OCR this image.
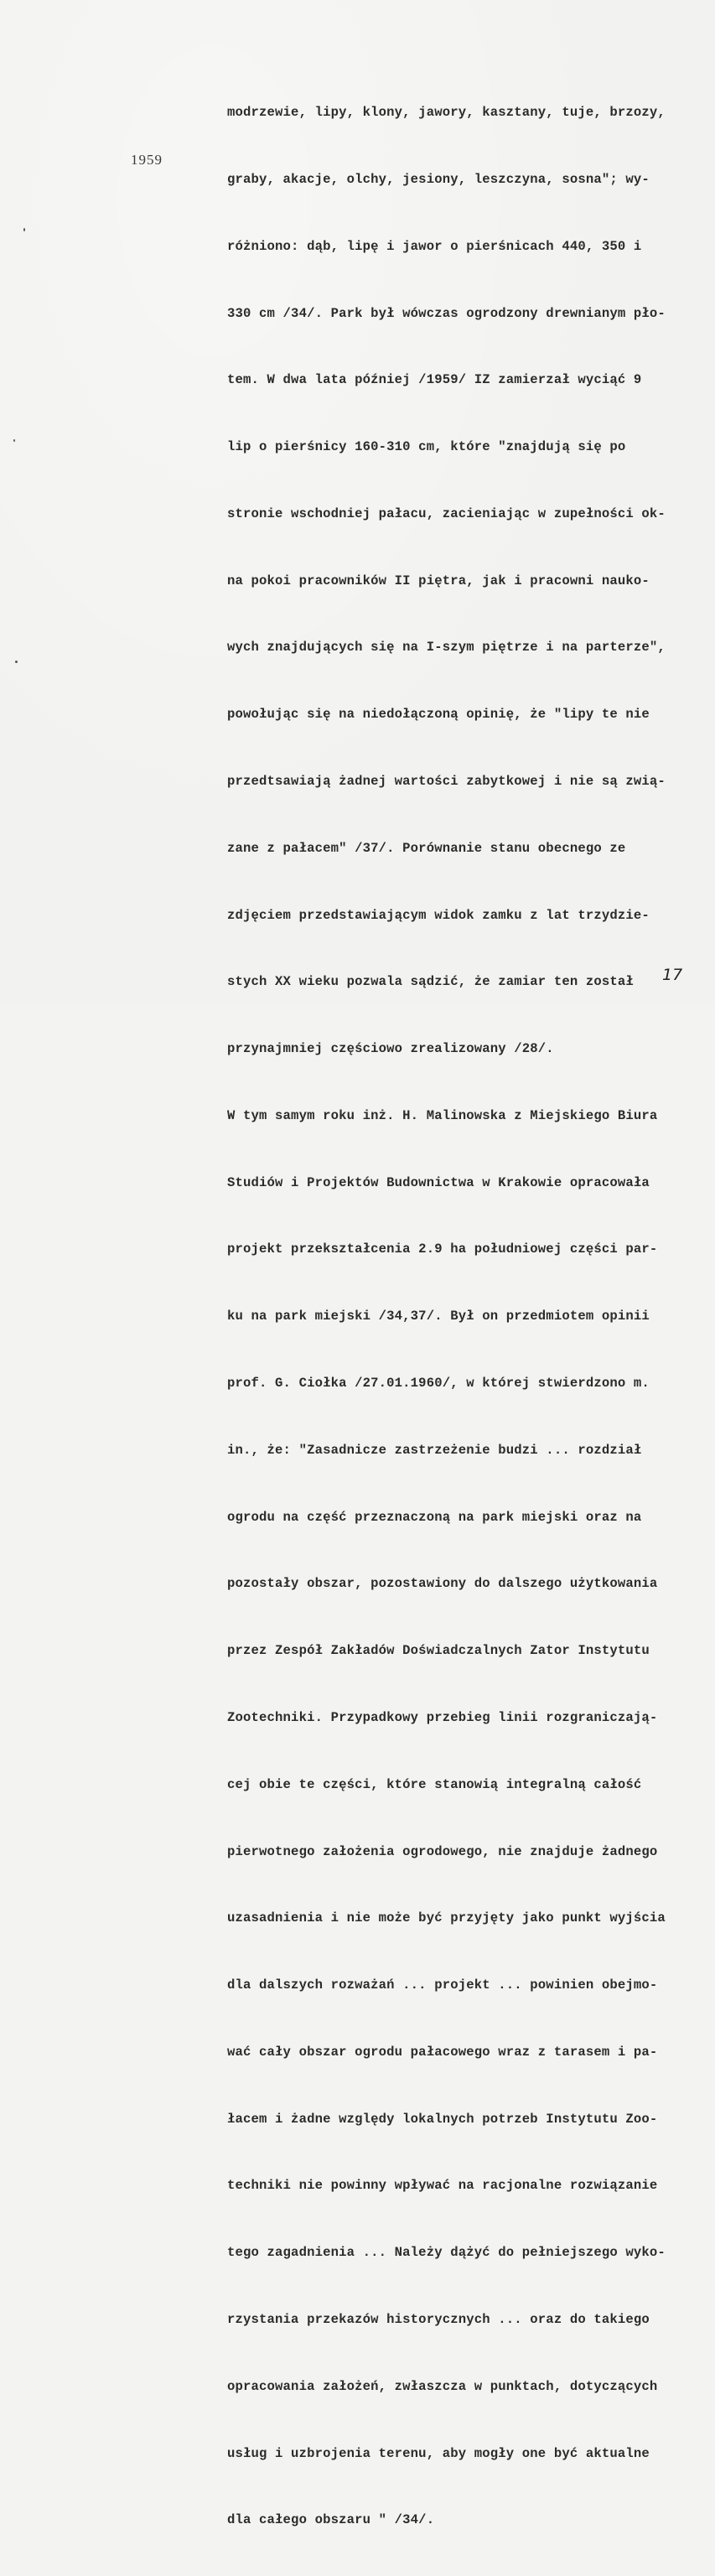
1959

modrzewie, lipy, klony, jawory, kasztany, tuje, brzozy,

graby, akacje, olchy, jesiony, leszczyna, sosna"; wy-

różniono: dąb, lipę i jawor o pierśnicach 440, 350 i

330 cm /34/. Park był wówczas ogrodzony drewnianym pło-

tem. W dwa lata później /1959/ IZ zamierzał wyciąć 9

lip o pierśnicy 160-310 cm, które "znajdują się po

stronie wschodniej pałacu, zacieniając w zupełności ok-

na pokoi pracowników II piętra, jak i pracowni nauko-

wych znajdujących się na I-szym piętrze i na parterze",

powołując się na niedołączoną opinię, że "lipy te nie

przedtsawiają żadnej wartości zabytkowej i nie są zwią-

zane z pałacem" /37/. Porównanie stanu obecnego ze

zdjęciem przedstawiającym widok zamku z lat trzydzie-

stych XX wieku pozwala sądzić, że zamiar ten został

przynajmniej częściowo zrealizowany /28/.

W tym samym roku inż. H. Malinowska z Miejskiego Biura

Studiów i Projektów Budownictwa w Krakowie opracowała

projekt przekształcenia 2.9 ha południowej części par-

ku na park miejski /34,37/. Był on przedmiotem opinii

prof. G. Ciołka /27.01.1960/, w której stwierdzono m.

in., że: "Zasadnicze zastrzeżenie budzi ... rozdział

ogrodu na część przeznaczoną na park miejski oraz na

pozostały obszar, pozostawiony do dalszego użytkowania

przez Zespół Zakładów Doświadczalnych Zator Instytutu

Zootechniki. Przypadkowy przebieg linii rozgraniczają-

cej obie te części, które stanowią integralną całość

pierwotnego założenia ogrodowego, nie znajduje żadnego

uzasadnienia i nie może być przyjęty jako punkt wyjścia

dla dalszych rozważań ... projekt ... powinien obejmo-

wać cały obszar ogrodu pałacowego wraz z tarasem i pa-

łacem i żadne względy lokalnych potrzeb Instytutu Zoo-

techniki nie powinny wpływać na racjonalne rozwiązanie

tego zagadnienia ... Należy dążyć do pełniejszego wyko-

rzystania przekazów historycznych ... oraz do takiego

opracowania założeń, zwłaszcza w punktach, dotyczących

usług i uzbrojenia terenu, aby mogły one być aktualne

dla całego obszaru " /34/.

17
